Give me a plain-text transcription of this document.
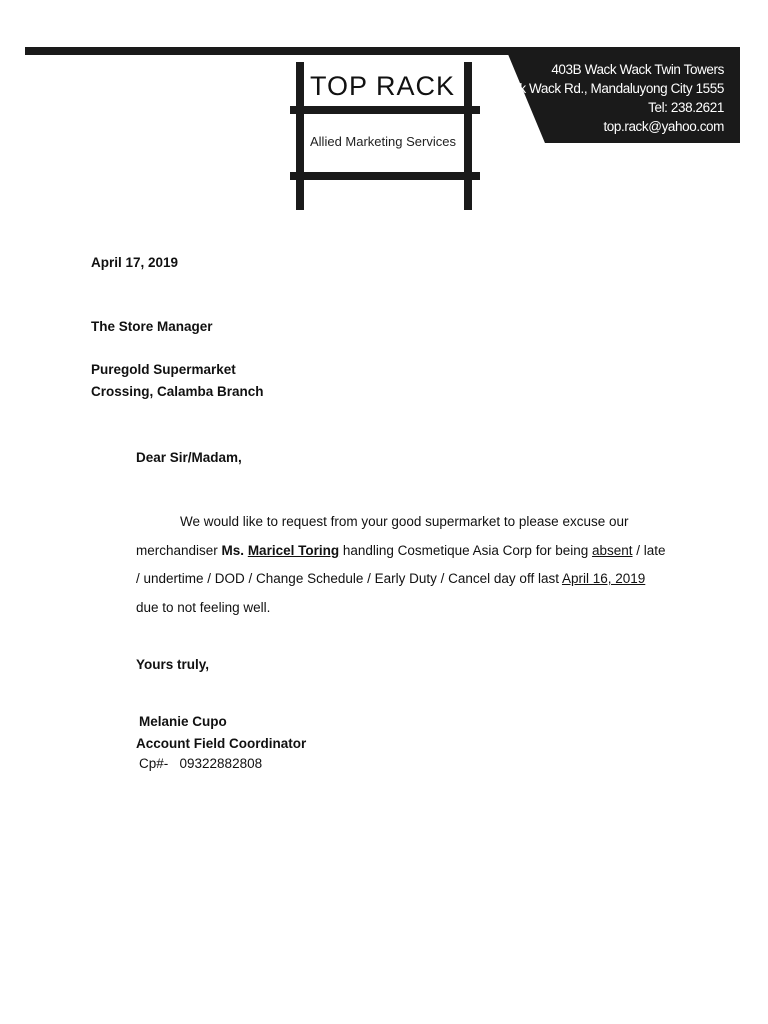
403B Wack Wack Twin Towers
Wack Wack Rd., Mandaluyong City 1555
Tel: 238.2621
top.rack@yahoo.com
TOP RACK
Allied Marketing Services
April 17, 2019
The Store Manager
Puregold Supermarket
Crossing, Calamba Branch
Dear Sir/Madam,
We would like to request from your good supermarket to please excuse our
merchandiser Ms. Maricel Toring handling Cosmetique Asia Corp for being absent / late
/ undertime / DOD / Change Schedule / Early Duty / Cancel day off last April 16, 2019
due to not feeling well.
Yours truly,
Melanie Cupo
Account Field Coordinator
Cp#-   09322882808
